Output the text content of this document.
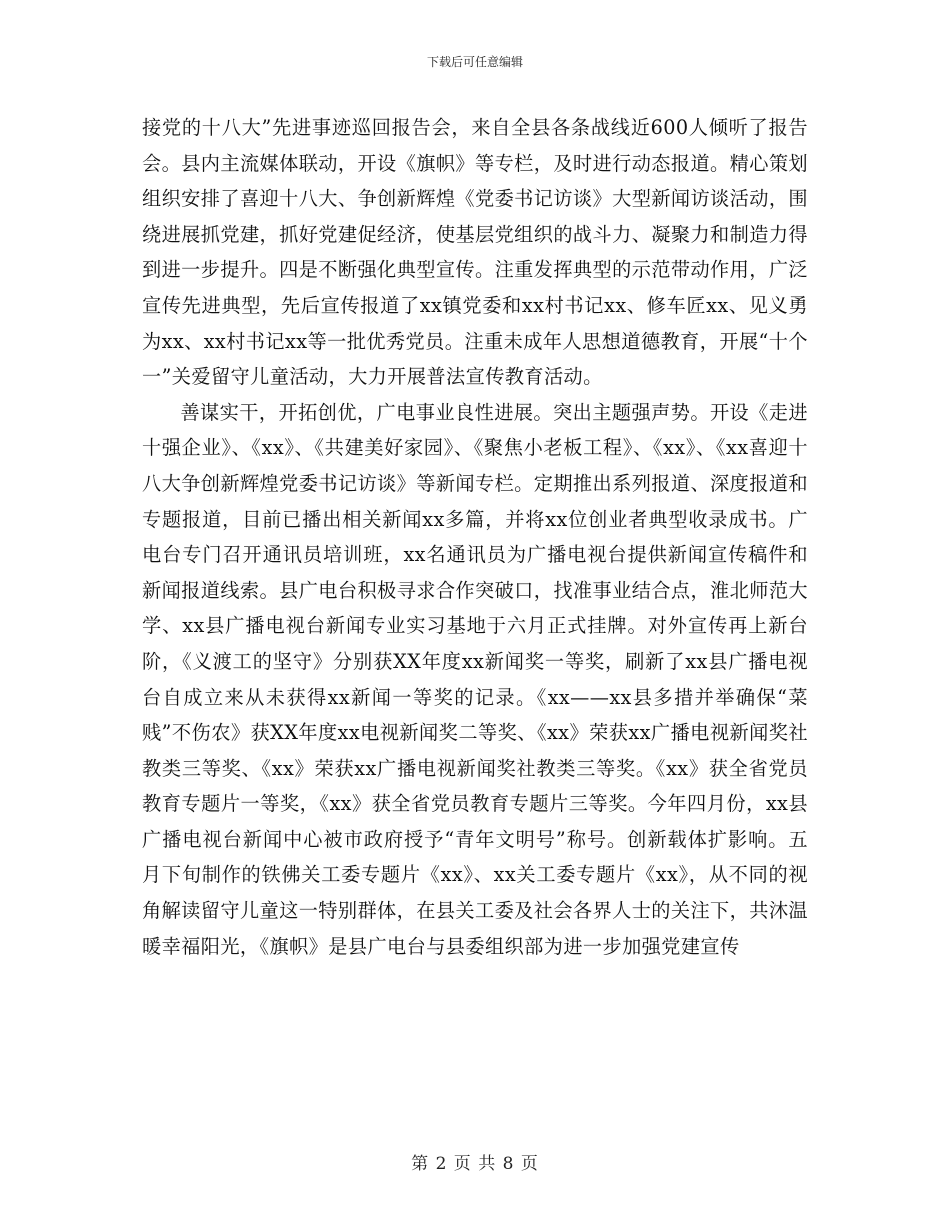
下载后可任意编辑

接党的十八大”先进事迹巡回报告会，来自全县各条战线近600人倾听了报告会。县内主流媒体联动，开设《旗帜》等专栏，及时进行动态报道。精心策划组织安排了喜迎十八大、争创新辉煌《党委书记访谈》大型新闻访谈活动，围绕进展抓党建，抓好党建促经济，使基层党组织的战斗力、凝聚力和制造力得到进一步提升。四是不断强化典型宣传。注重发挥典型的示范带动作用，广泛宣传先进典型，先后宣传报道了xx镇党委和xx村书记xx、修车匠xx、见义勇为xx、xx村书记xx等一批优秀党员。注重未成年人思想道德教育，开展“十个一”关爱留守儿童活动，大力开展普法宣传教育活动。

善谋实干，开拓创优，广电事业良性进展。突出主题强声势。开设《走进十强企业》、《xx》、《共建美好家园》、《聚焦小老板工程》、《xx》、《xx喜迎十八大争创新辉煌党委书记访谈》等新闻专栏。定期推出系列报道、深度报道和专题报道，目前已播出相关新闻xx多篇，并将xx位创业者典型收录成书。广电台专门召开通讯员培训班，xx名通讯员为广播电视台提供新闻宣传稿件和新闻报道线索。县广电台积极寻求合作突破口，找准事业结合点，淮北师范大学、xx县广播电视台新闻专业实习基地于六月正式挂牌。对外宣传再上新台阶，《义渡工的坚守》分别获XX年度xx新闻奖一等奖，刷新了xx县广播电视台自成立来从未获得xx新闻一等奖的记录。《xx——xx县多措并举确保“菜贱”不伤农》获XX年度xx电视新闻奖二等奖、《xx》荣获xx广播电视新闻奖社教类三等奖、《xx》荣获xx广播电视新闻奖社教类三等奖。《xx》获全省党员教育专题片一等奖，《xx》获全省党员教育专题片三等奖。今年四月份，xx县广播电视台新闻中心被市政府授予“青年文明号”称号。创新载体扩影响。五月下旬制作的铁佛关工委专题片《xx》、xx关工委专题片《xx》，从不同的视角解读留守儿童这一特别群体，在县关工委及社会各界人士的关注下，共沐温暖幸福阳光，《旗帜》是县广电台与县委组织部为进一步加强党建宣传

第 2 页 共 8 页
